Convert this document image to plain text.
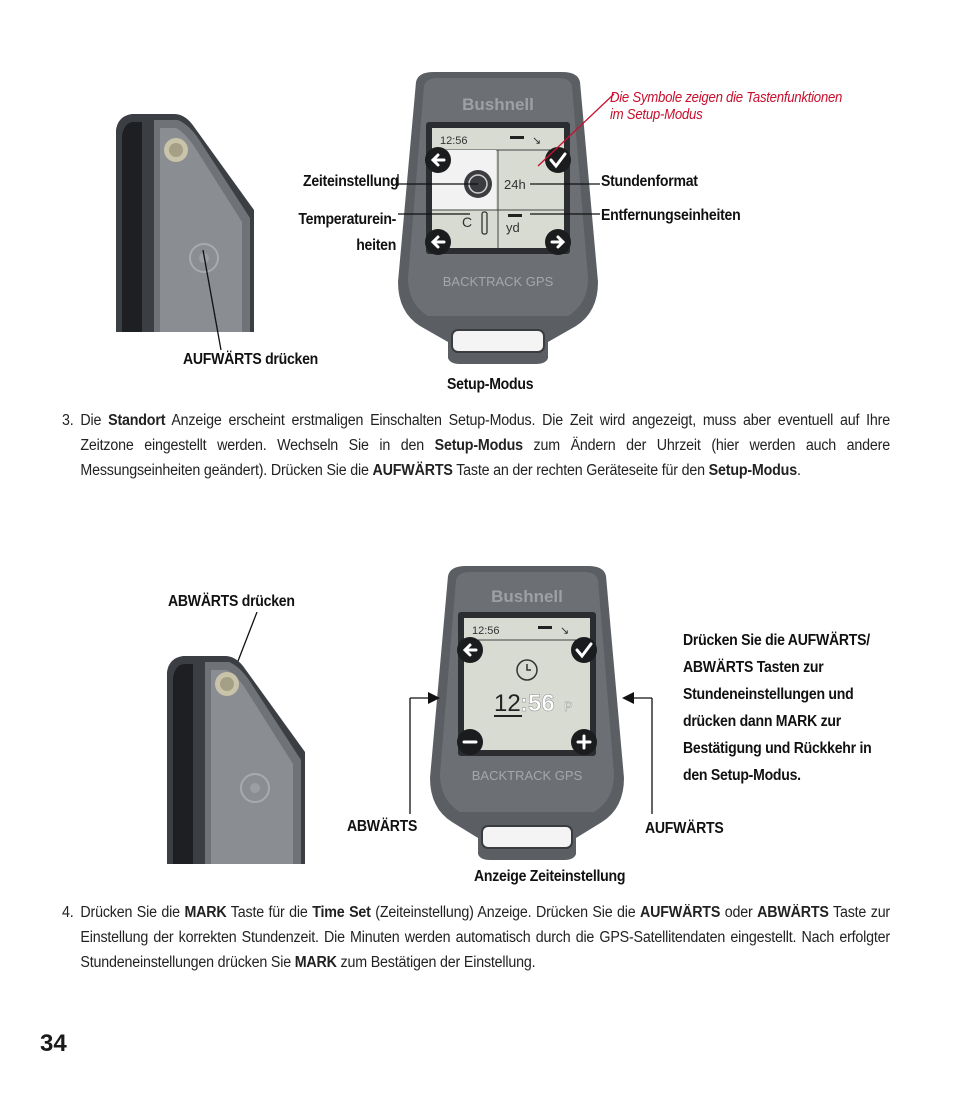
AUFWÄRTS drücken
Bushnell
12:56	↘
24h
C	yd
BACKTRACK GPS
Die Symbole zeigen die Tastenfunktionen
im Setup-Modus
Zeiteinstellung
Temperaturein-
heiten
Stundenformat
Entfernungseinheiten
Setup-Modus
3. Die Standort Anzeige erscheint erstmaligen Einschalten Setup-Modus. Die Zeit wird angezeigt, muss aber eventuell auf Ihre Zeitzone eingestellt werden. Wechseln Sie in den Setup-Modus zum Ändern der Uhrzeit (hier werden auch andere Messungseinheiten geändert). Drücken Sie die AUFWÄRTS Taste an der rechten Geräteseite für den Setup-Modus.
ABWÄRTS drücken	Bushnell
12:56	↘
12 :56 P
BACKTRACK GPS
ABWÄRTS	AUFWÄRTS
Drücken Sie die AUFWÄRTS/
ABWÄRTS Tasten zur
Stundeneinstellungen und
drücken dann MARK zur
Bestätigung und Rückkehr in
den Setup-Modus.
Anzeige Zeiteinstellung
4. Drücken Sie die MARK Taste für die Time Set (Zeiteinstellung) Anzeige. Drücken Sie die AUFWÄRTS oder ABWÄRTS Taste zur Einstellung der korrekten Stundenzeit. Die Minuten werden automatisch durch die GPS-Satellitendaten eingestellt. Nach erfolgter Stundeneinstellungen drücken Sie MARK zum Bestätigen der Einstellung.
34
